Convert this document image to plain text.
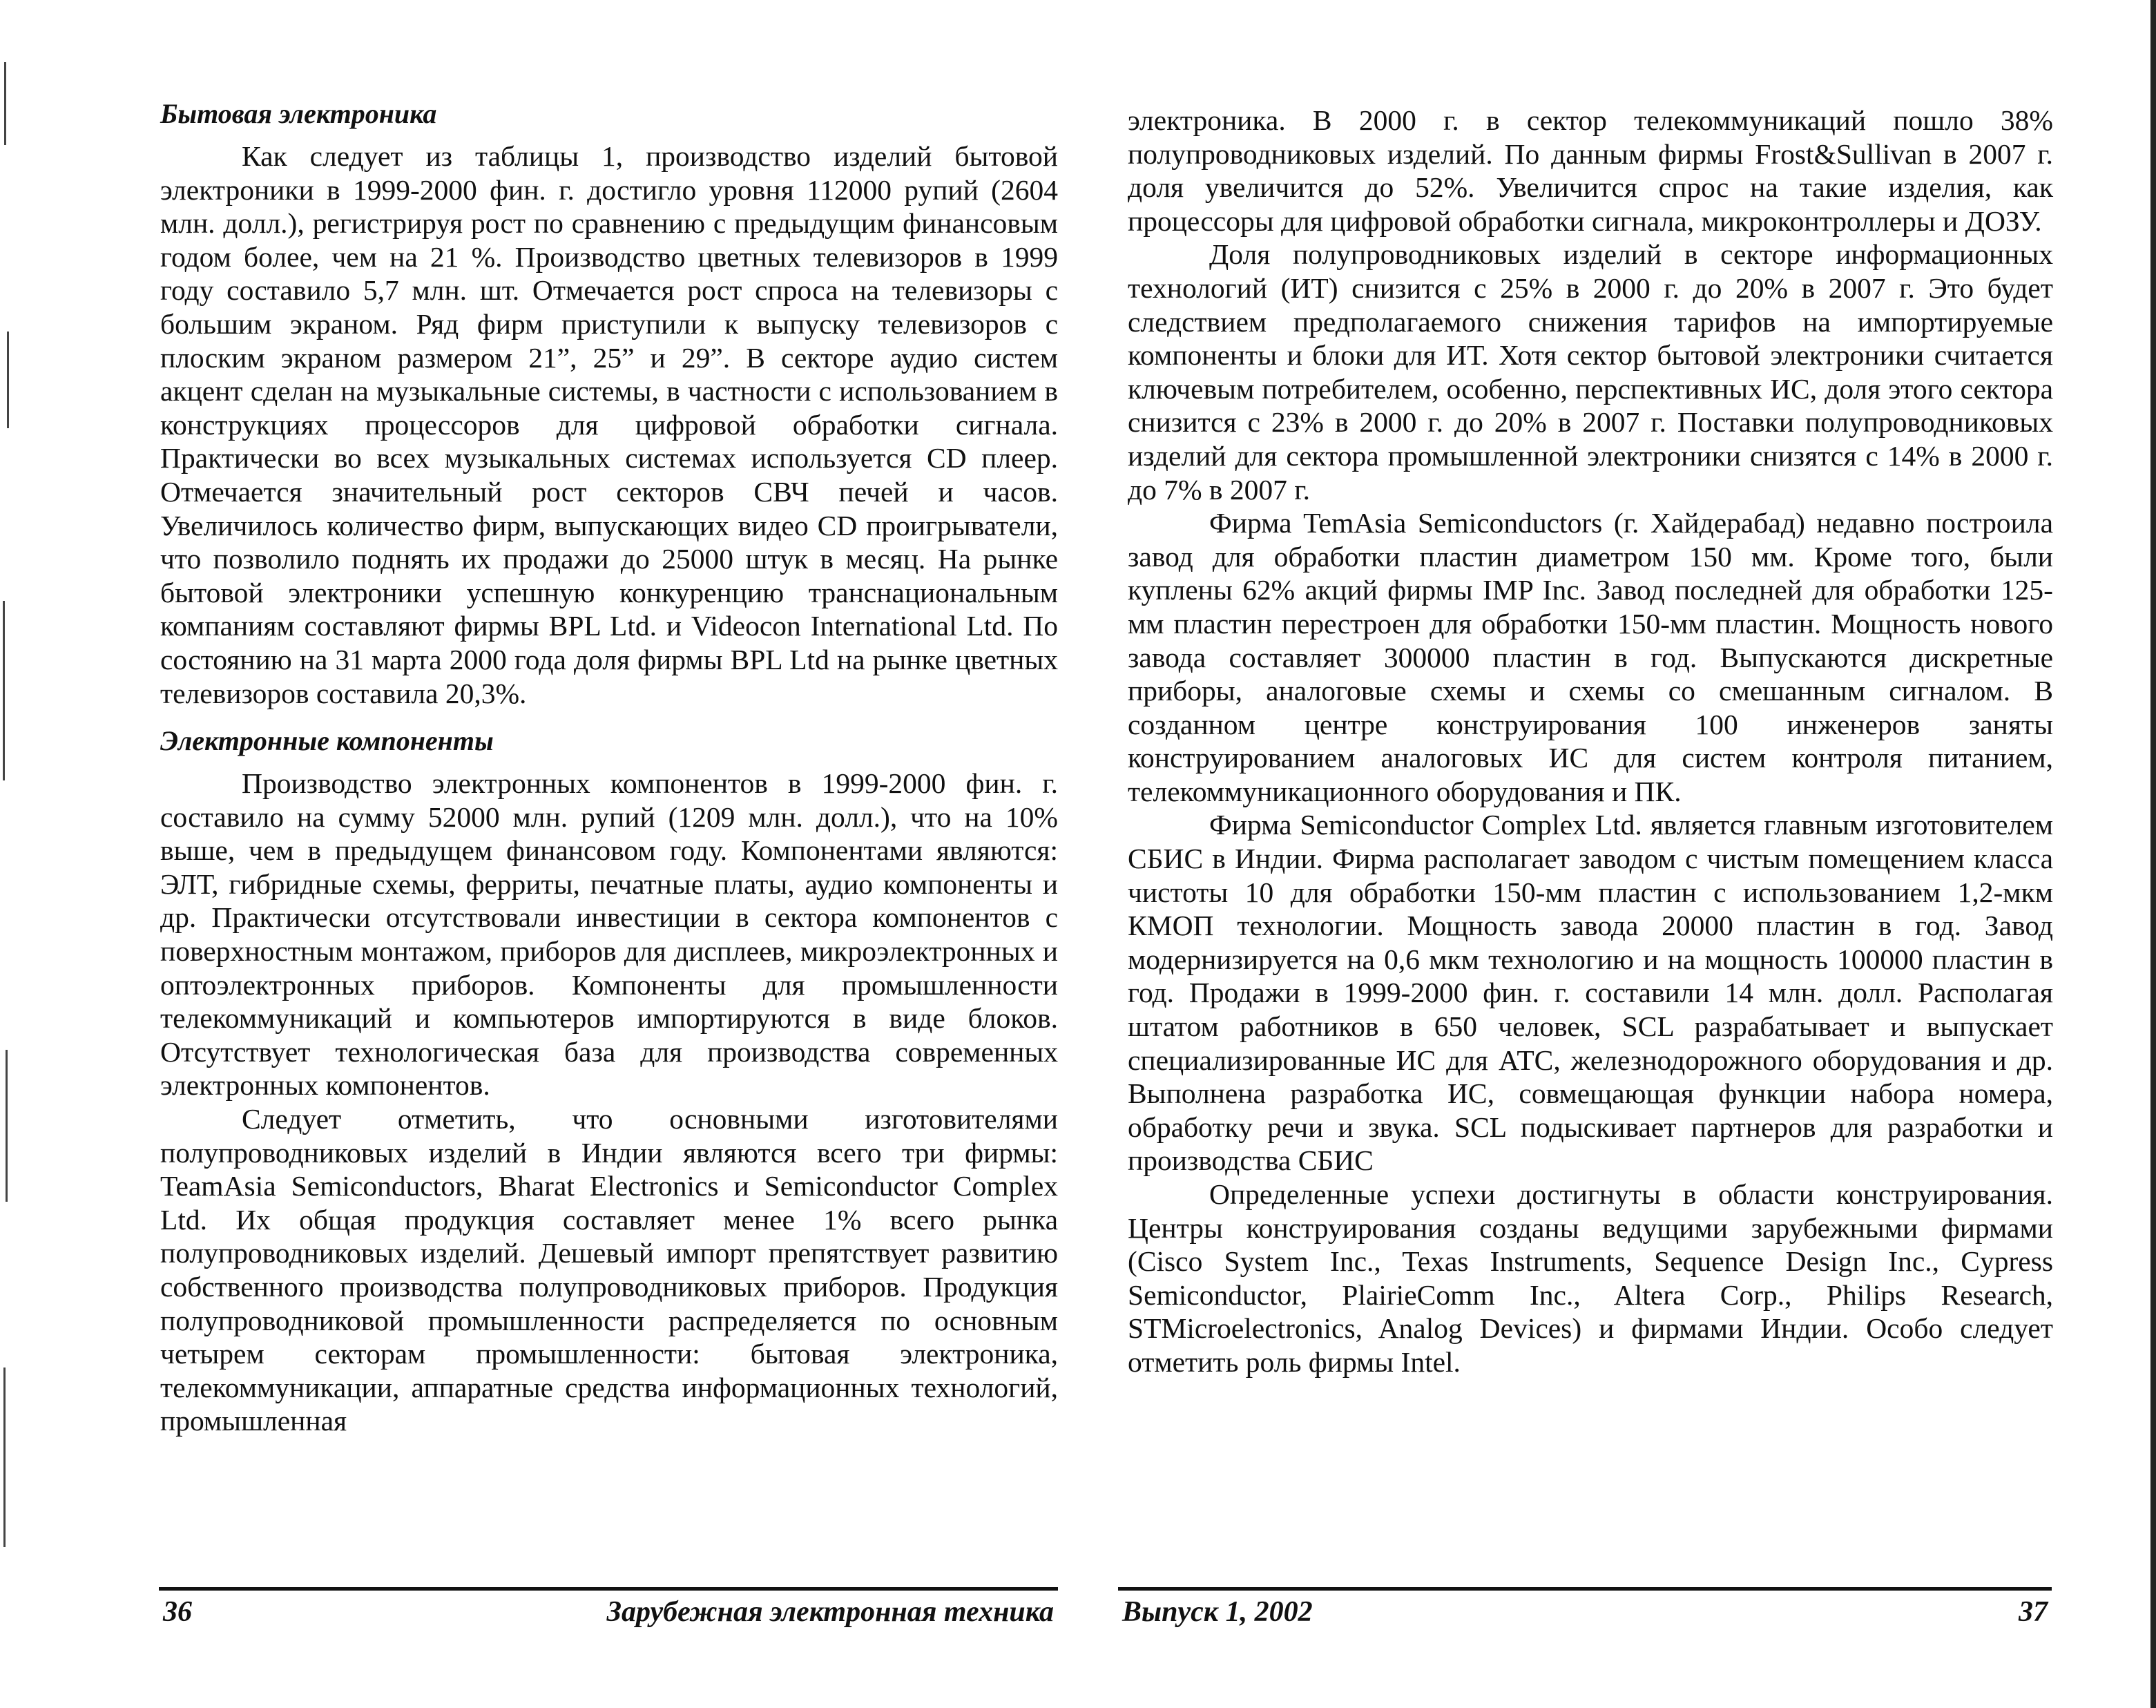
Бытовая электроника

Как следует из таблицы 1, производство изделий бытовой электроники в 1999-2000 фин. г. достигло уровня 112000 рупий (2604 млн. долл.), регистрируя рост по сравнению с предыдущим финансовым годом более, чем на 21 %. Производство цветных телевизоров в 1999 году составило 5,7 млн. шт. Отмечается рост спроса на телевизоры с большим экраном. Ряд фирм приступили к выпуску телевизоров с плоским экраном размером 21”, 25” и 29”. В секторе аудио систем акцент сделан на музыкальные системы, в частности с использованием в конструкциях процессоров для цифровой обработки сигнала. Практически во всех музыкальных системах используется CD плеер. Отмечается значительный рост секторов СВЧ печей и часов. Увеличилось количество фирм, выпускающих видео CD проигрыватели, что позволило поднять их продажи до 25000 штук в месяц. На рынке бытовой электроники успешную конкуренцию транснациональным компаниям составляют фирмы BPL Ltd. и Videocon International Ltd. По состоянию на 31 марта 2000 года доля фирмы BPL Ltd на рынке цветных телевизоров составила 20,3%.

Электронные компоненты

Производство электронных компонентов в 1999-2000 фин. г. составило на сумму 52000 млн. рупий (1209 млн. долл.), что на 10% выше, чем в предыдущем финансовом году. Компонентами являются: ЭЛТ, гибридные схемы, ферриты, печатные платы, аудио компоненты и др. Практически отсутствовали инвестиции в сектора компонентов с поверхностным монтажом, приборов для дисплеев, микроэлектронных и оптоэлектронных приборов. Компоненты для промышленности телекоммуникаций и компьютеров импортируются в виде блоков. Отсутствует технологическая база для производства современных электронных компонентов.

Следует отметить, что основными изготовителями полупроводниковых изделий в Индии являются всего три фирмы: TeamAsia Semiconductors, Bharat Electronics и Semiconductor Complex Ltd. Их общая продукция составляет менее 1% всего рынка полупроводниковых изделий. Дешевый импорт препятствует развитию собственного производства полупроводниковых приборов. Продукция полупроводниковой промышленности распределяется по основным четырем секторам промышленности: бытовая электроника, телекоммуникации, аппаратные средства информационных технологий, промышленная

36	Зарубежная электронная техника

электроника. В 2000 г. в сектор телекоммуникаций пошло 38% полупроводниковых изделий. По данным фирмы Frost&Sullivan в 2007 г. доля увеличится до 52%. Увеличится спрос на такие изделия, как процессоры для цифровой обработки сигнала, микроконтроллеры и ДОЗУ.

Доля полупроводниковых изделий в секторе информационных технологий (ИТ) снизится с 25% в 2000 г. до 20% в 2007 г. Это будет следствием предполагаемого снижения тарифов на импортируемые компоненты и блоки для ИТ. Хотя сектор бытовой электроники считается ключевым потребителем, особенно, перспективных ИС, доля этого сектора снизится с 23% в 2000 г. до 20% в 2007 г. Поставки полупроводниковых изделий для сектора промышленной электроники снизятся с 14% в 2000 г. до 7% в 2007 г.

Фирма TemAsia Semiconductors (г. Хайдерабад) недавно построила завод для обработки пластин диаметром 150 мм. Кроме того, были куплены 62% акций фирмы IMP Inc. Завод последней для обработки 125-мм пластин перестроен для обработки 150-мм пластин. Мощность нового завода составляет 300000 пластин в год. Выпускаются дискретные приборы, аналоговые схемы и схемы со смешанным сигналом. В созданном центре конструирования 100 инженеров заняты конструированием аналоговых ИС для систем контроля питанием, телекоммуникационного оборудования и ПК.

Фирма Semiconductor Complex Ltd. является главным изготовителем СБИС в Индии. Фирма располагает заводом с чистым помещением класса чистоты 10 для обработки 150-мм пластин с использованием 1,2-мкм КМОП технологии. Мощность завода 20000 пластин в год. Завод модернизируется на 0,6 мкм технологию и на мощность 100000 пластин в год. Продажи в 1999-2000 фин. г. составили 14 млн. долл. Располагая штатом работников в 650 человек, SCL разрабатывает и выпускает специализированные ИС для АТС, железнодорожного оборудования и др. Выполнена разработка ИС, совмещающая функции набора номера, обработку речи и звука. SCL подыскивает партнеров для разработки и производства СБИС

Определенные успехи достигнуты в области конструирования. Центры конструирования созданы ведущими зарубежными фирмами (Cisco System Inc., Texas Instruments, Sequence Design Inc., Cypress Semiconductor, PlairieComm Inc., Altera Corp., Philips Research, STMicroelectronics, Analog Devices) и фирмами Индии. Особо следует отметить роль фирмы Intel.

Выпуск 1, 2002	37
